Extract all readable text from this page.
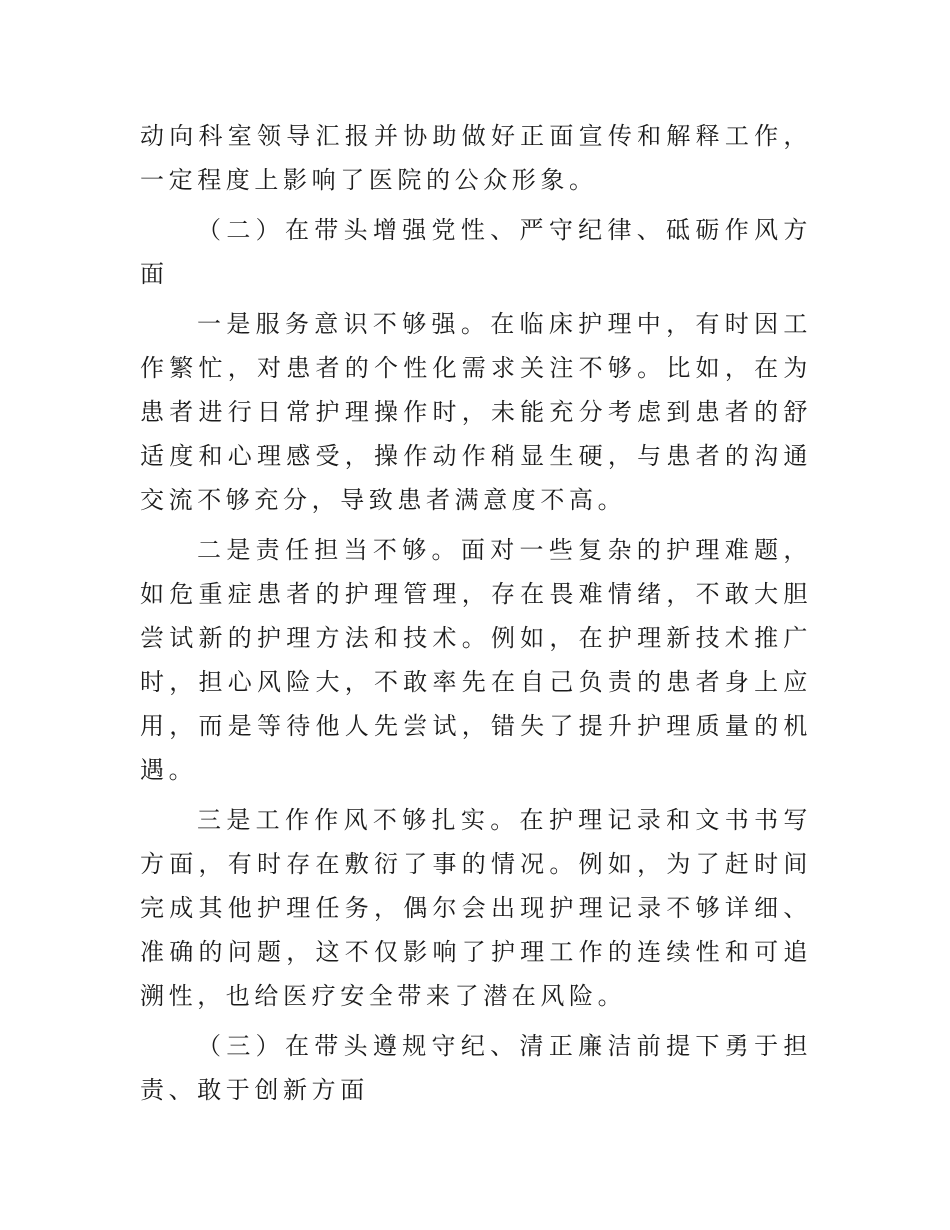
动向科室领导汇报并协助做好正面宣传和解释工作，一定程度上影响了医院的公众形象。

（二）在带头增强党性、严守纪律、砥砺作风方面

一是服务意识不够强。在临床护理中，有时因工作繁忙，对患者的个性化需求关注不够。比如，在为患者进行日常护理操作时，未能充分考虑到患者的舒适度和心理感受，操作动作稍显生硬，与患者的沟通交流不够充分，导致患者满意度不高。

二是责任担当不够。面对一些复杂的护理难题，如危重症患者的护理管理，存在畏难情绪，不敢大胆尝试新的护理方法和技术。例如，在护理新技术推广时，担心风险大，不敢率先在自己负责的患者身上应用，而是等待他人先尝试，错失了提升护理质量的机遇。

三是工作作风不够扎实。在护理记录和文书书写方面，有时存在敷衍了事的情况。例如，为了赶时间完成其他护理任务，偶尔会出现护理记录不够详细、准确的问题，这不仅影响了护理工作的连续性和可追溯性，也给医疗安全带来了潜在风险。

（三）在带头遵规守纪、清正廉洁前提下勇于担责、敢于创新方面
